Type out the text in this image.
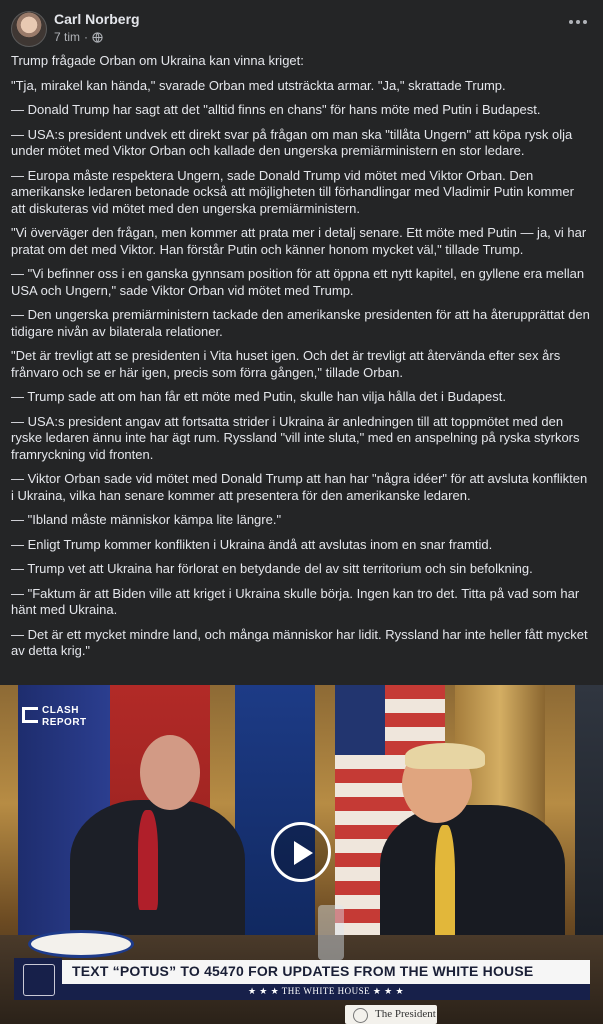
Carl Norberg
7 tim ·

Trump frågade Orban om Ukraina kan vinna kriget:

"Tja, mirakel kan hända," svarade Orban med utsträckta armar. "Ja," skrattade Trump.

— Donald Trump har sagt att det "alltid finns en chans" för hans möte med Putin i Budapest.

— USA:s president undvek ett direkt svar på frågan om man ska "tillåta Ungern" att köpa rysk olja under mötet med Viktor Orban och kallade den ungerska premiärministern en stor ledare.

— Europa måste respektera Ungern, sade Donald Trump vid mötet med Viktor Orban. Den amerikanske ledaren betonade också att möjligheten till förhandlingar med Vladimir Putin kommer att diskuteras vid mötet med den ungerska premiärministern.

"Vi överväger den frågan, men kommer att prata mer i detalj senare. Ett möte med Putin — ja, vi har pratat om det med Viktor. Han förstår Putin och känner honom mycket väl," tillade Trump.

— "Vi befinner oss i en ganska gynnsam position för att öppna ett nytt kapitel, en gyllene era mellan USA och Ungern," sade Viktor Orban vid mötet med Trump.

— Den ungerska premiärministern tackade den amerikanske presidenten för att ha återupprättat den tidigare nivån av bilaterala relationer.

"Det är trevligt att se presidenten i Vita huset igen. Och det är trevligt att återvända efter sex års frånvaro och se er här igen, precis som förra gången," tillade Orban.

— Trump sade att om han får ett möte med Putin, skulle han vilja hålla det i Budapest.

— USA:s president angav att fortsatta strider i Ukraina är anledningen till att toppmötet med den ryske ledaren ännu inte har ägt rum. Ryssland "vill inte sluta," med en anspelning på ryska styrkors framryckning vid fronten.

— Viktor Orban sade vid mötet med Donald Trump att han har "några idéer" för att avsluta konflikten i Ukraina, vilka han senare kommer att presentera för den amerikanske ledaren.

— "Ibland måste människor kämpa lite längre."

— Enligt Trump kommer konflikten i Ukraina ändå att avslutas inom en snar framtid.

— Trump vet att Ukraina har förlorat en betydande del av sitt territorium och sin befolkning.

— "Faktum är att Biden ville att kriget i Ukraina skulle börja. Ingen kan tro det. Titta på vad som har hänt med Ukraina.

— Det är ett mycket mindre land, och många människor har lidit. Ryssland har inte heller fått mycket av detta krig."

CLASH
REPORT
TEXT “POTUS” TO 45470 FOR UPDATES FROM THE WHITE HOUSE
★ ★ ★ THE WHITE HOUSE ★ ★ ★
The President
